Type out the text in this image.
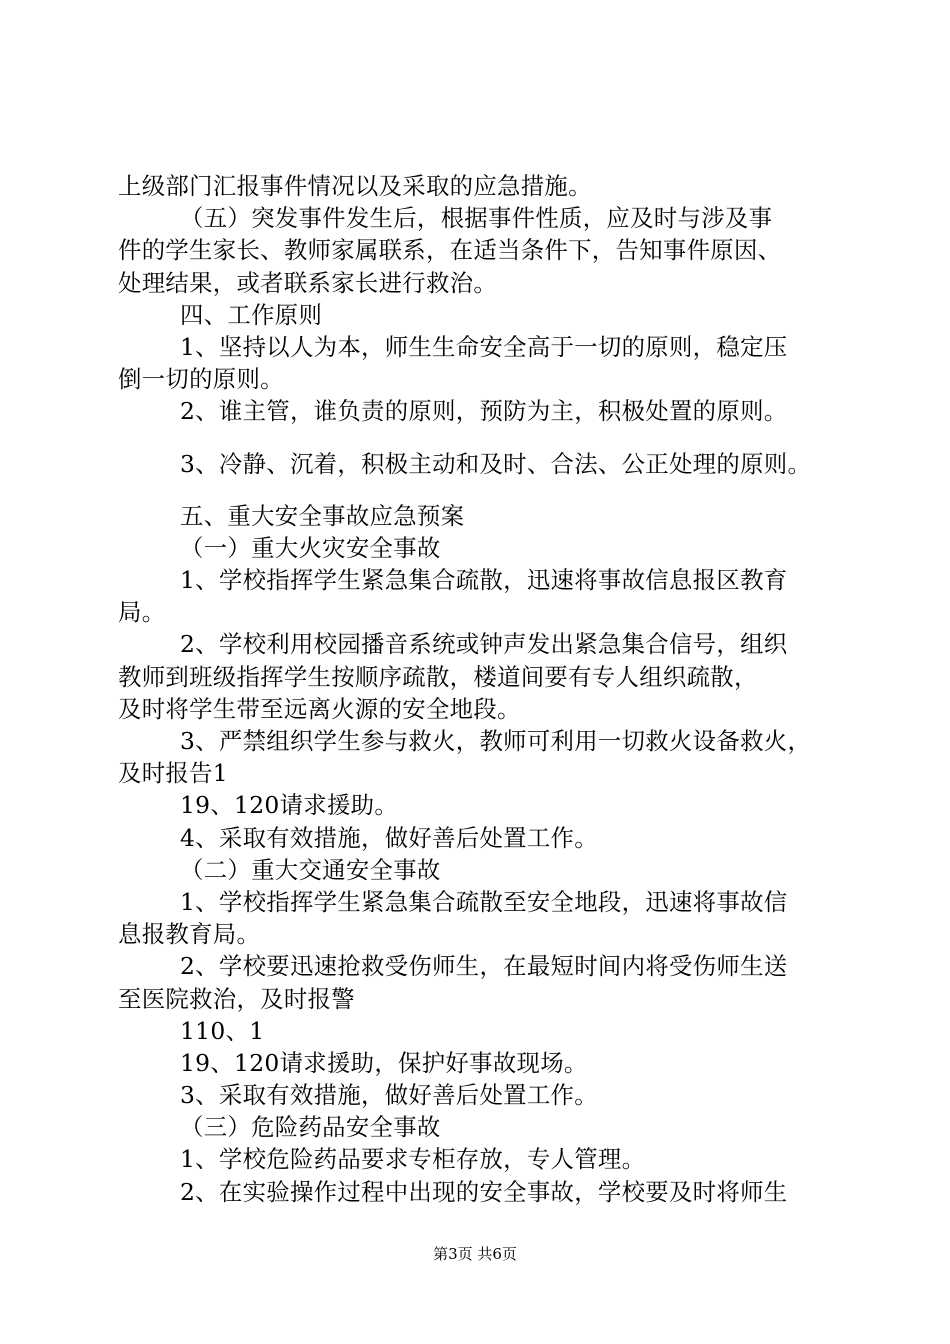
上级部门汇报事件情况以及采取的应急措施。
（五）突发事件发生后，根据事件性质，应及时与涉及事
件的学生家长、教师家属联系，在适当条件下，告知事件原因、
处理结果，或者联系家长进行救治。
四、工作原则
1、坚持以人为本，师生生命安全高于一切的原则，稳定压
倒一切的原则。
2、谁主管，谁负责的原则，预防为主，积极处置的原则。
3、冷静、沉着，积极主动和及时、合法、公正处理的原则。
五、重大安全事故应急预案
（一）重大火灾安全事故
1、学校指挥学生紧急集合疏散，迅速将事故信息报区教育
局。
2、学校利用校园播音系统或钟声发出紧急集合信号，组织
教师到班级指挥学生按顺序疏散，楼道间要有专人组织疏散，
及时将学生带至远离火源的安全地段。
3、严禁组织学生参与救火，教师可利用一切救火设备救火，
及时报告1
19、120请求援助。
4、采取有效措施，做好善后处置工作。
（二）重大交通安全事故
1、学校指挥学生紧急集合疏散至安全地段，迅速将事故信
息报教育局。
2、学校要迅速抢救受伤师生，在最短时间内将受伤师生送
至医院救治，及时报警
110、1
19、120请求援助，保护好事故现场。
3、采取有效措施，做好善后处置工作。
（三）危险药品安全事故
1、学校危险药品要求专柜存放，专人管理。
2、在实验操作过程中出现的安全事故，学校要及时将师生
第3页 共6页
